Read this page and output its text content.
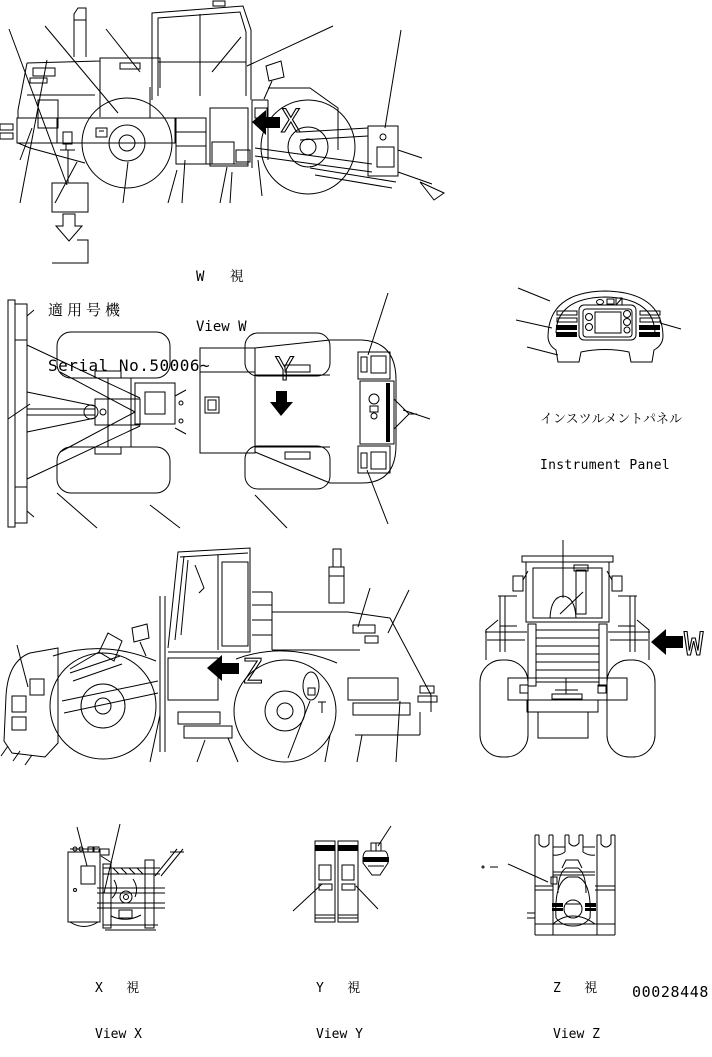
X
Y
Z
W

W   視

View W

適用号機

Serial No.50006~

インスツルメントパネル

Instrument Panel

X   視

View X

Y   視

View Y

Z   視

View Z

00028448
